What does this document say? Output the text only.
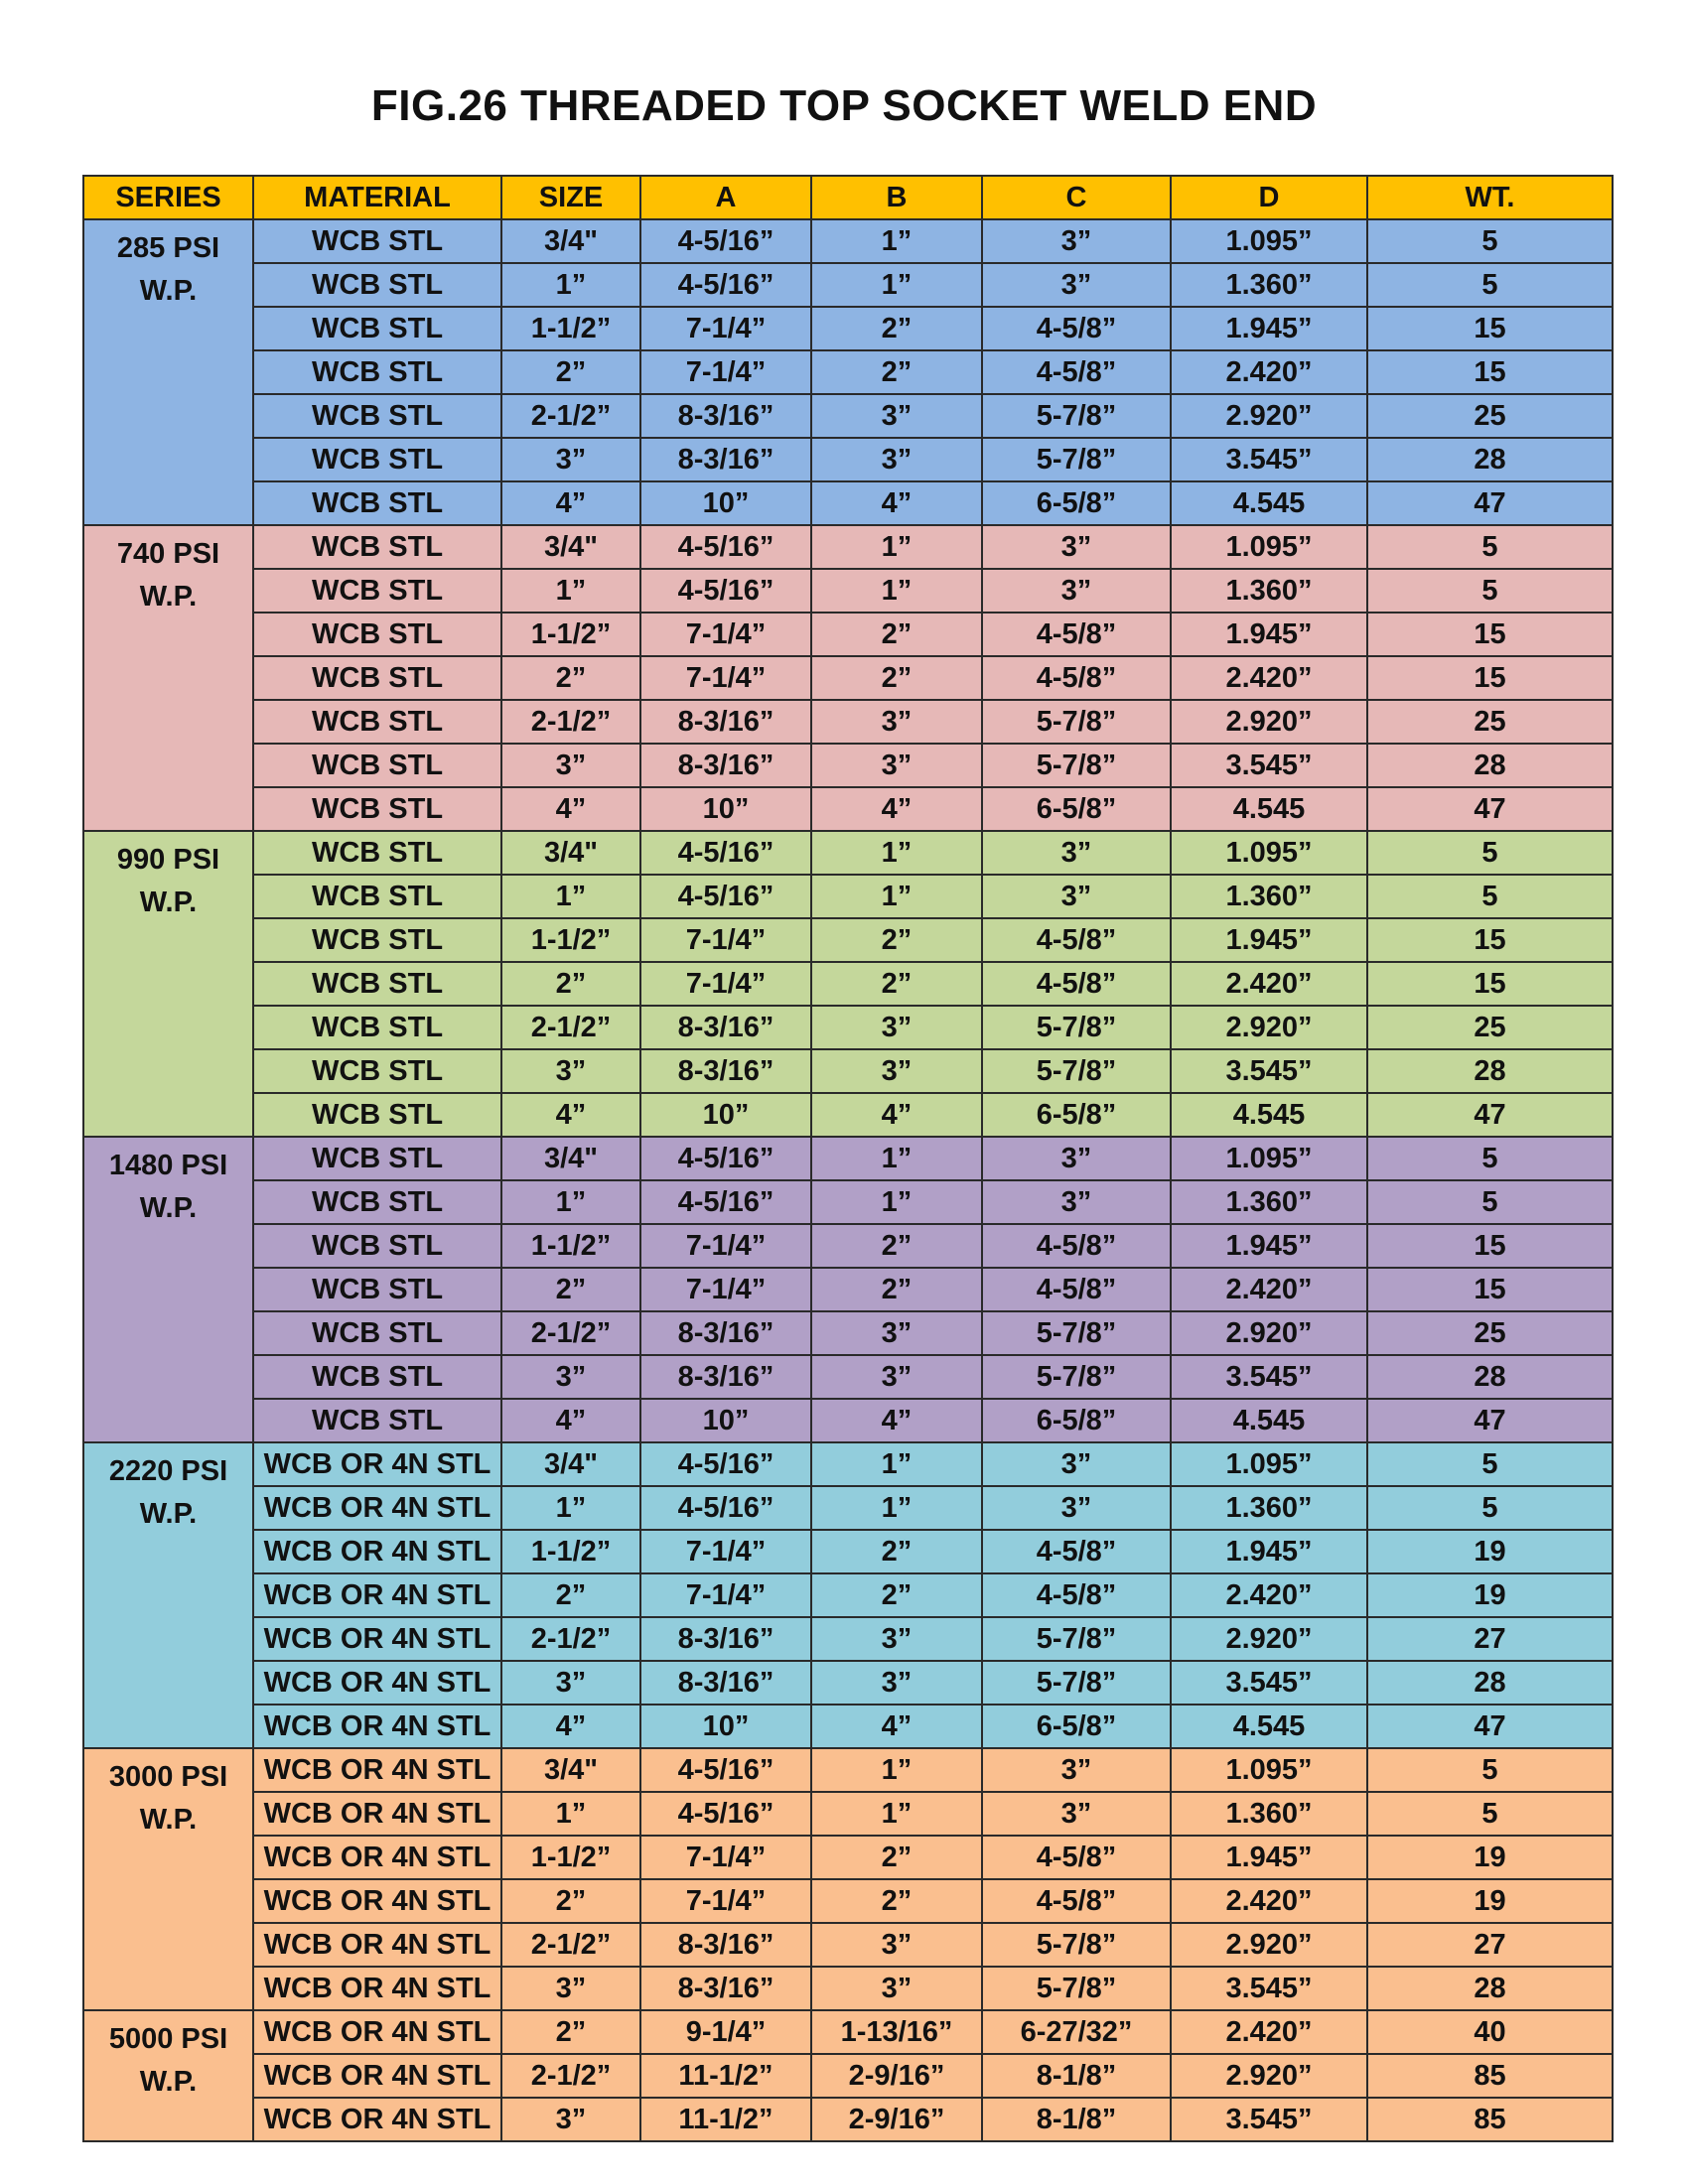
FIG.26 THREADED TOP SOCKET WELD END
SERIES	MATERIAL	SIZE	A	B	C	D	WT.

285 PSI
W.P.	WCB STL	3/4"	4-5/16”	1”	3”	1.095”	5
	WCB STL	1”	4-5/16”	1”	3”	1.360”	5
	WCB STL	1-1/2”	7-1/4”	2”	4-5/8”	1.945”	15
	WCB STL	2”	7-1/4”	2”	4-5/8”	2.420”	15
	WCB STL	2-1/2”	8-3/16”	3”	5-7/8”	2.920”	25
	WCB STL	3”	8-3/16”	3”	5-7/8”	3.545”	28
	WCB STL	4”	10”	4”	6-5/8”	4.545	47

740 PSI
W.P.	WCB STL	3/4"	4-5/16”	1”	3”	1.095”	5
	WCB STL	1”	4-5/16”	1”	3”	1.360”	5
	WCB STL	1-1/2”	7-1/4”	2”	4-5/8”	1.945”	15
	WCB STL	2”	7-1/4”	2”	4-5/8”	2.420”	15
	WCB STL	2-1/2”	8-3/16”	3”	5-7/8”	2.920”	25
	WCB STL	3”	8-3/16”	3”	5-7/8”	3.545”	28
	WCB STL	4”	10”	4”	6-5/8”	4.545	47

990 PSI
W.P.	WCB STL	3/4"	4-5/16”	1”	3”	1.095”	5
	WCB STL	1”	4-5/16”	1”	3”	1.360”	5
	WCB STL	1-1/2”	7-1/4”	2”	4-5/8”	1.945”	15
	WCB STL	2”	7-1/4”	2”	4-5/8”	2.420”	15
	WCB STL	2-1/2”	8-3/16”	3”	5-7/8”	2.920”	25
	WCB STL	3”	8-3/16”	3”	5-7/8”	3.545”	28
	WCB STL	4”	10”	4”	6-5/8”	4.545	47

1480 PSI
W.P.	WCB STL	3/4"	4-5/16”	1”	3”	1.095”	5
	WCB STL	1”	4-5/16”	1”	3”	1.360”	5
	WCB STL	1-1/2”	7-1/4”	2”	4-5/8”	1.945”	15
	WCB STL	2”	7-1/4”	2”	4-5/8”	2.420”	15
	WCB STL	2-1/2”	8-3/16”	3”	5-7/8”	2.920”	25
	WCB STL	3”	8-3/16”	3”	5-7/8”	3.545”	28
	WCB STL	4”	10”	4”	6-5/8”	4.545	47

2220 PSI
W.P.	WCB OR 4N STL	3/4"	4-5/16”	1”	3”	1.095”	5
	WCB OR 4N STL	1”	4-5/16”	1”	3”	1.360”	5
	WCB OR 4N STL	1-1/2”	7-1/4”	2”	4-5/8”	1.945”	19
	WCB OR 4N STL	2”	7-1/4”	2”	4-5/8”	2.420”	19
	WCB OR 4N STL	2-1/2”	8-3/16”	3”	5-7/8”	2.920”	27
	WCB OR 4N STL	3”	8-3/16”	3”	5-7/8”	3.545”	28
	WCB OR 4N STL	4”	10”	4”	6-5/8”	4.545	47

3000 PSI
W.P.	WCB OR 4N STL	3/4"	4-5/16”	1”	3”	1.095”	5
	WCB OR 4N STL	1”	4-5/16”	1”	3”	1.360”	5
	WCB OR 4N STL	1-1/2”	7-1/4”	2”	4-5/8”	1.945”	19
	WCB OR 4N STL	2”	7-1/4”	2”	4-5/8”	2.420”	19
	WCB OR 4N STL	2-1/2”	8-3/16”	3”	5-7/8”	2.920”	27
	WCB OR 4N STL	3”	8-3/16”	3”	5-7/8”	3.545”	28

5000 PSI
W.P.	WCB OR 4N STL	2”	9-1/4”	1-13/16”	6-27/32”	2.420”	40
	WCB OR 4N STL	2-1/2”	11-1/2”	2-9/16”	8-1/8”	2.920”	85
	WCB OR 4N STL	3”	11-1/2”	2-9/16”	8-1/8”	3.545”	85
